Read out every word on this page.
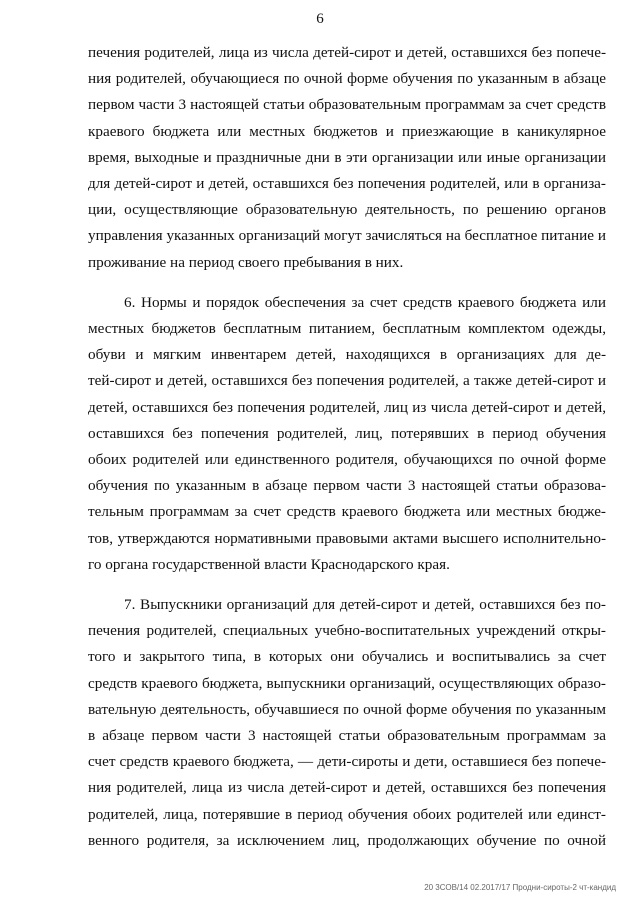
6
печения родителей, лица из числа детей-сирот и детей, оставшихся без попече-
ния родителей, обучающиеся по очной форме обучения по указанным в абзаце
первом части 3 настоящей статьи образовательным программам за счет средств
краевого бюджета или местных бюджетов и приезжающие в каникулярное
время, выходные и праздничные дни в эти организации или иные организации
для детей-сирот и детей, оставшихся без попечения родителей, или в организа-
ции, осуществляющие образовательную деятельность, по решению органов
управления указанных организаций могут зачисляться на бесплатное питание и
проживание на период своего пребывания в них.
6. Нормы и порядок обеспечения за счет средств краевого бюджета или
местных бюджетов бесплатным питанием, бесплатным комплектом одежды,
обуви и мягким инвентарем детей, находящихся в организациях для де-
тей-сирот и детей, оставшихся без попечения родителей, а также детей-сирот и
детей, оставшихся без попечения родителей, лиц из числа детей-сирот и детей,
оставшихся без попечения родителей, лиц, потерявших в период обучения
обоих родителей или единственного родителя, обучающихся по очной форме
обучения по указанным в абзаце первом части 3 настоящей статьи образова-
тельным программам за счет средств краевого бюджета или местных бюдже-
тов, утверждаются нормативными правовыми актами высшего исполнительно-
го органа государственной власти Краснодарского края.
7. Выпускники организаций для детей-сирот и детей, оставшихся без по-
печения родителей, специальных учебно-воспитательных учреждений откры-
того и закрытого типа, в которых они обучались и воспитывались за счет
средств краевого бюджета, выпускники организаций, осуществляющих образо-
вательную деятельность, обучавшиеся по очной форме обучения по указанным
в абзаце первом части 3 настоящей статьи образовательным программам за
счет средств краевого бюджета, — дети-сироты и дети, оставшиеся без попече-
ния родителей, лица из числа детей-сирот и детей, оставшихся без попечения
родителей, лица, потерявшие в период обучения обоих родителей или единст-
венного родителя, за исключением лиц, продолжающих обучение по очной
20 3СОВ/14 02.2017/17 Продни-сироты-2 чт-кандид
